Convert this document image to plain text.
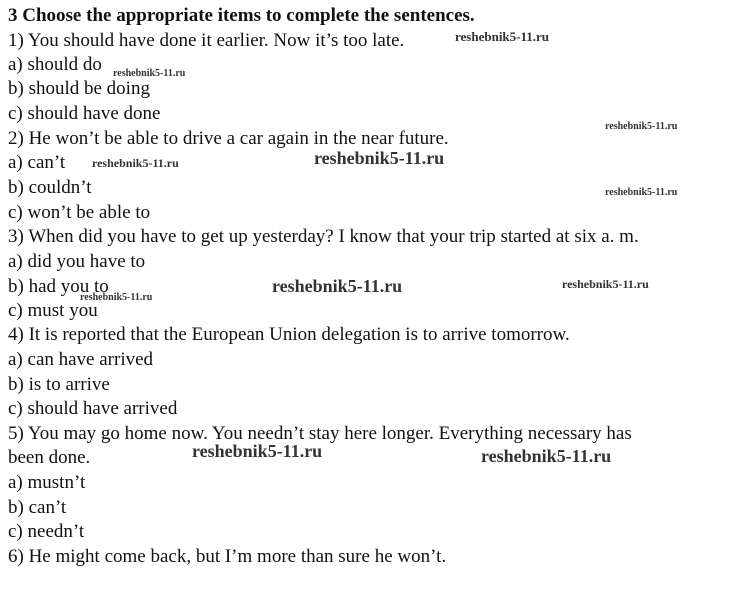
3 Choose the appropriate items to complete the sentences.
1) You should have done it earlier. Now it’s too late.
a) should do
b) should be doing
c) should have done
2) He won’t be able to drive a car again in the near future.
a) can’t
b) couldn’t
c) won’t be able to
3) When did you have to get up yesterday? I know that your trip started at six a. m.
a) did you have to
b) had you to
c) must you
4) It is reported that the European Union delegation is to arrive tomorrow.
a) can have arrived
b) is to arrive
c) should have arrived
5) You may go home now. You needn’t stay here longer. Everything necessary has
been done.
a) mustn’t
b) can’t
c) needn’t
6) He might come back, but I’m more than sure he won’t.
reshebnik5-11.ru
reshebnik5-11.ru
reshebnik5-11.ru
reshebnik5-11.ru	reshebnik5-11.ru
reshebnik5-11.ru
reshebnik5-11.ru	reshebnik5-11.ru
reshebnik5-11.ru
reshebnik5-11.ru	reshebnik5-11.ru
